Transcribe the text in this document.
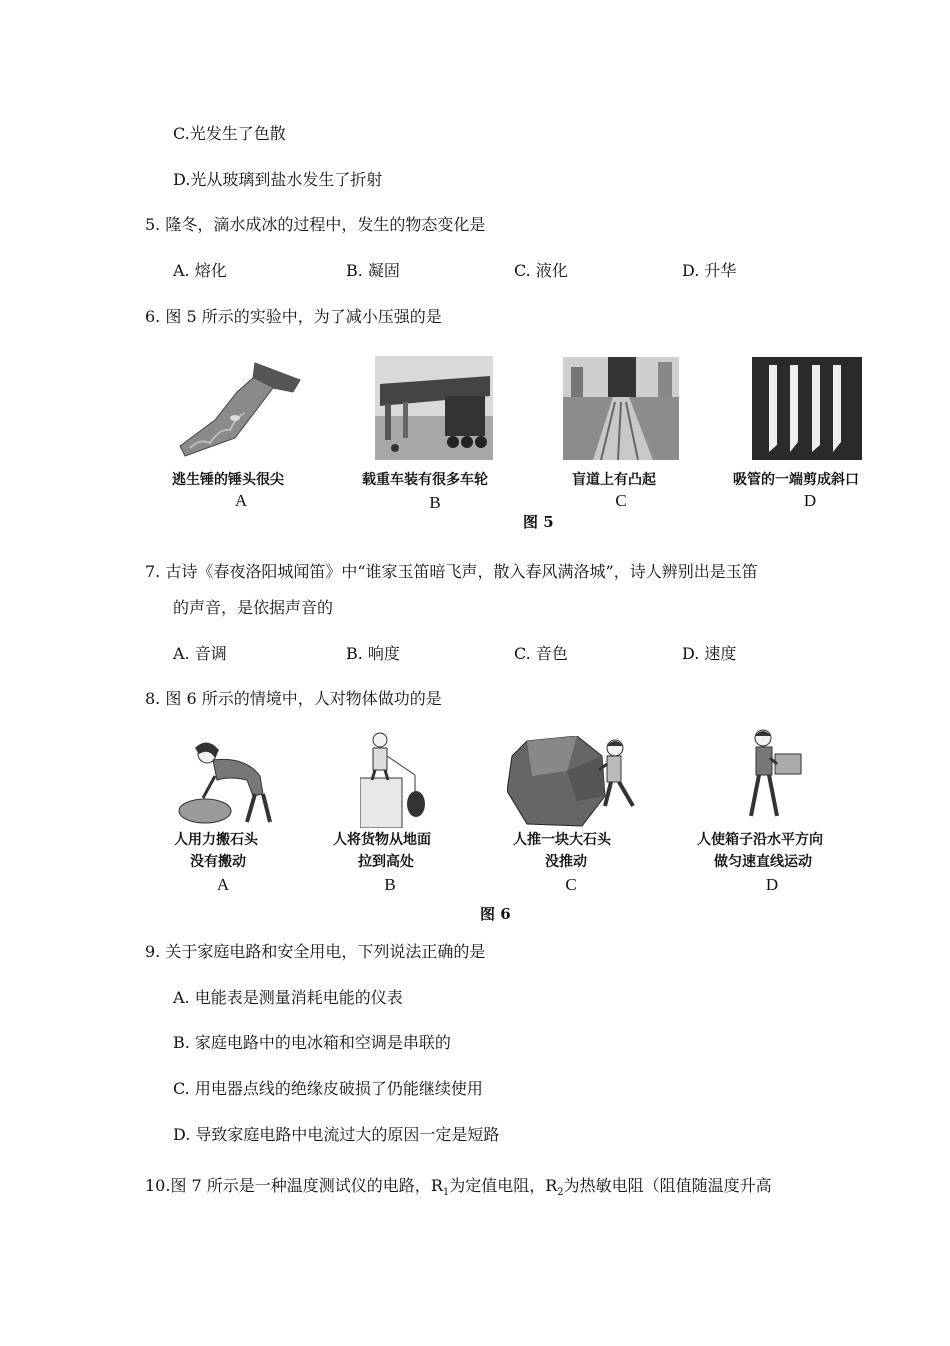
C.光发生了色散
D.光从玻璃到盐水发生了折射
5. 隆冬，滴水成冰的过程中，发生的物态变化是
A. 熔化	B. 凝固	C. 液化	D. 升华
6. 图 5 所示的实验中，为了减小压强的是
逃生锤的锤头很尖	载重车装有很多车轮	盲道上有凸起	吸管的一端剪成斜口
A	B	C	D
图 5
7. 古诗《春夜洛阳城闻笛》中“谁家玉笛暗飞声，散入春风满洛城”，诗人辨别出是玉笛
的声音，是依据声音的
A. 音调	B. 响度	C. 音色	D. 速度
8. 图 6 所示的情境中，人对物体做功的是
人用力搬石头
没有搬动
人将货物从地面
拉到高处
人推一块大石头
没推动
人使箱子沿水平方向
做匀速直线运动
A	B	C	D
图 6
9. 关于家庭电路和安全用电，下列说法正确的是
A. 电能表是测量消耗电能的仪表
B. 家庭电路中的电冰箱和空调是串联的
C. 用电器点线的绝缘皮破损了仍能继续使用
D. 导致家庭电路中电流过大的原因一定是短路
10.图 7 所示是一种温度测试仪的电路，$R_1$为定值电阻，$R_2$为热敏电阻（阻值随温度升高
